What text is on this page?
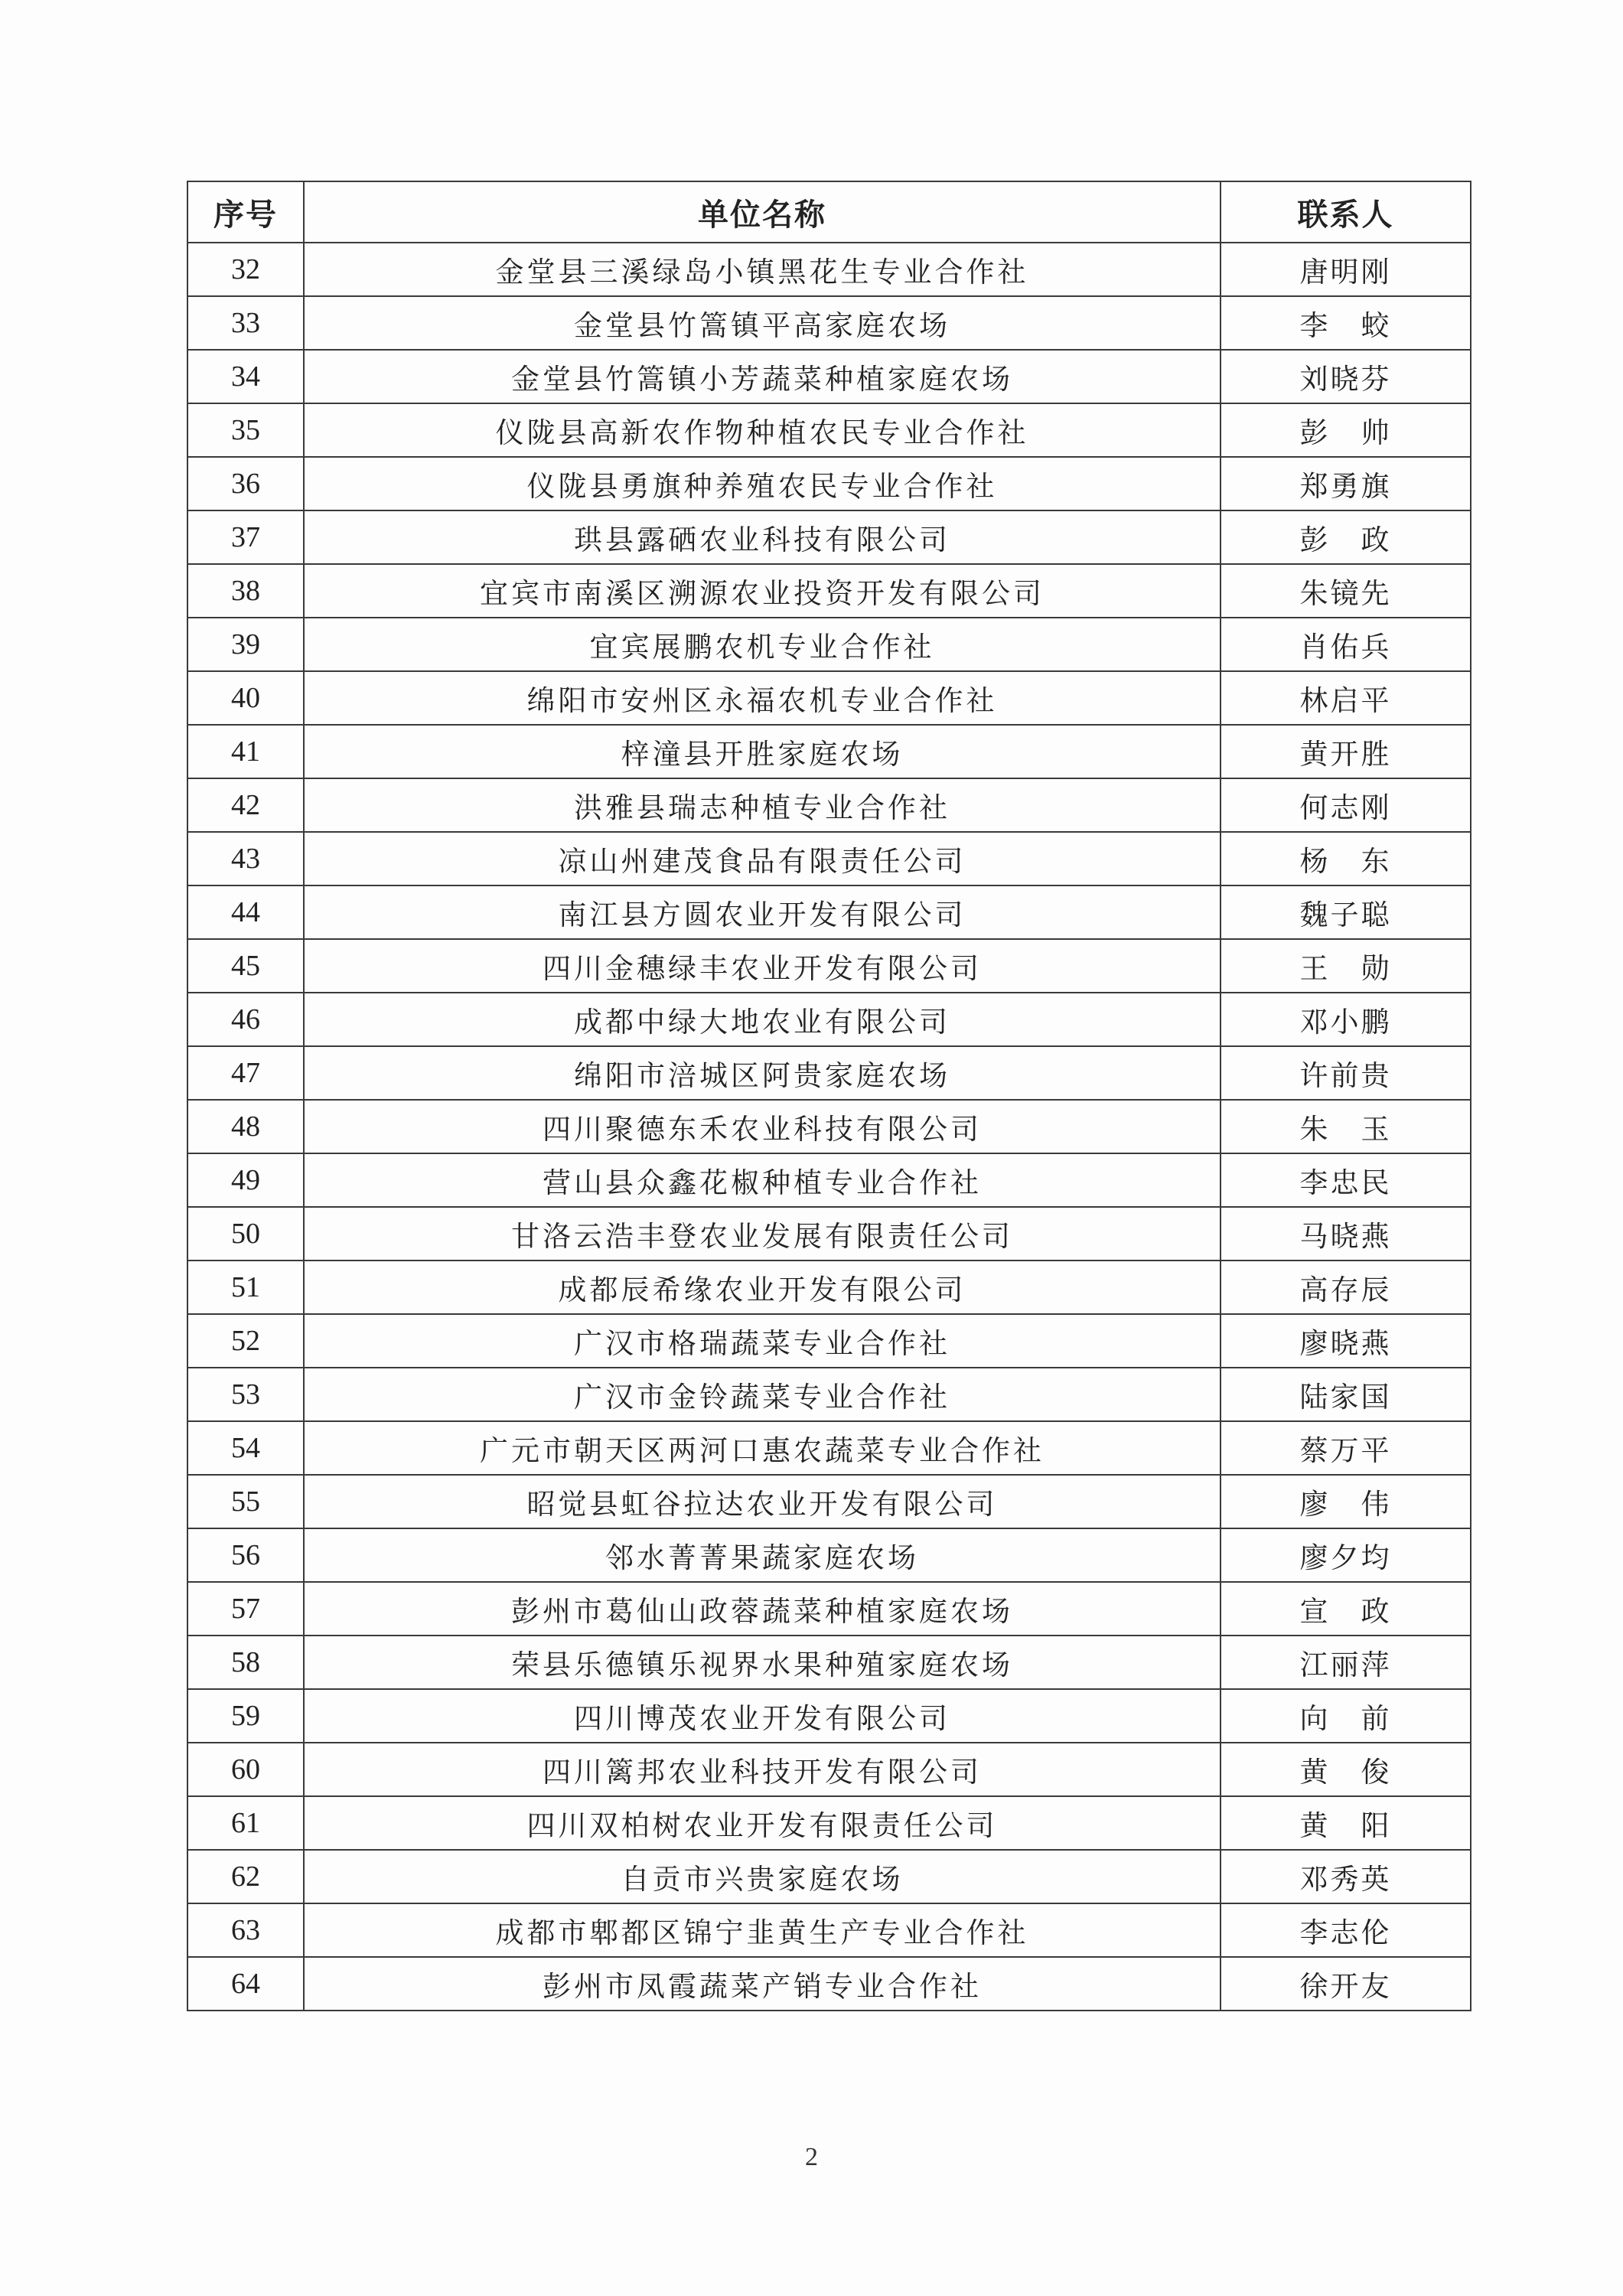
序号	单位名称	联系人
32	金堂县三溪绿岛小镇黑花生专业合作社	唐明刚
33	金堂县竹篙镇平高家庭农场	李　蛟
34	金堂县竹篙镇小芳蔬菜种植家庭农场	刘晓芬
35	仪陇县高新农作物种植农民专业合作社	彭　帅
36	仪陇县勇旗种养殖农民专业合作社	郑勇旗
37	珙县露硒农业科技有限公司	彭　政
38	宜宾市南溪区溯源农业投资开发有限公司	朱镜先
39	宜宾展鹏农机专业合作社	肖佑兵
40	绵阳市安州区永福农机专业合作社	林启平
41	梓潼县开胜家庭农场	黄开胜
42	洪雅县瑞志种植专业合作社	何志刚
43	凉山州建茂食品有限责任公司	杨　东
44	南江县方圆农业开发有限公司	魏子聪
45	四川金穗绿丰农业开发有限公司	王　勋
46	成都中绿大地农业有限公司	邓小鹏
47	绵阳市涪城区阿贵家庭农场	许前贵
48	四川聚德东禾农业科技有限公司	朱　玉
49	营山县众鑫花椒种植专业合作社	李忠民
50	甘洛云浩丰登农业发展有限责任公司	马晓燕
51	成都辰希缘农业开发有限公司	高存辰
52	广汉市格瑞蔬菜专业合作社	廖晓燕
53	广汉市金铃蔬菜专业合作社	陆家国
54	广元市朝天区两河口惠农蔬菜专业合作社	蔡万平
55	昭觉县虹谷拉达农业开发有限公司	廖　伟
56	邻水菁菁果蔬家庭农场	廖夕均
57	彭州市葛仙山政蓉蔬菜种植家庭农场	宣　政
58	荣县乐德镇乐视界水果种殖家庭农场	江丽萍
59	四川博茂农业开发有限公司	向　前
60	四川篱邦农业科技开发有限公司	黄　俊
61	四川双柏树农业开发有限责任公司	黄　阳
62	自贡市兴贵家庭农场	邓秀英
63	成都市郫都区锦宁韭黄生产专业合作社	李志伦
64	彭州市凤霞蔬菜产销专业合作社	徐开友
2
